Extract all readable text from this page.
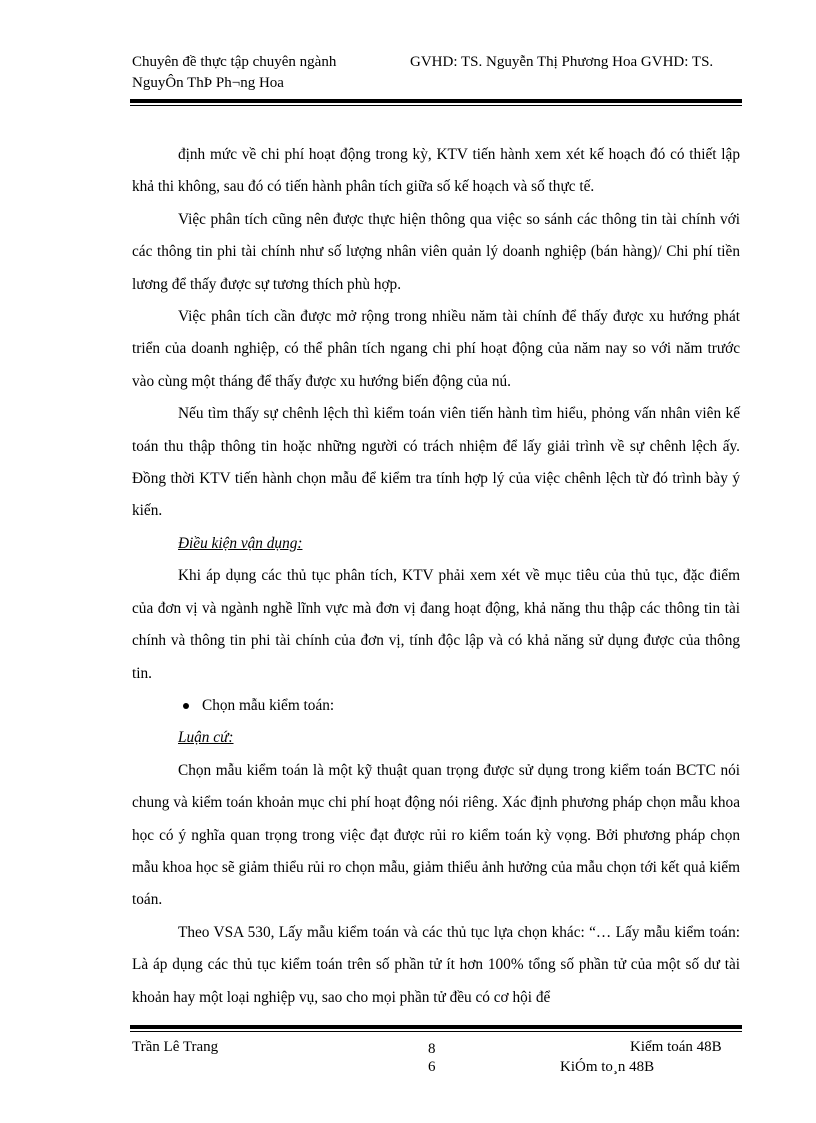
Chuyên đề thực tập chuyên ngành
NguyÔn ThÞ Ph¬ng Hoa
GVHD: TS. Nguyễn Thị Phương Hoa GVHD: TS.

định mức về chi phí hoạt động trong kỳ, KTV tiến hành xem xét kế hoạch đó có thiết lập khả thi không, sau đó có tiến hành phân tích giữa số kế hoạch và số thực tế.

Việc phân tích cũng nên được thực hiện thông qua việc so sánh các thông tin tài chính với các thông tin phi tài chính như số lượng nhân viên quản lý doanh nghiệp (bán hàng)/ Chi phí tiền lương để thấy được sự tương thích phù hợp.

Việc phân tích cần được mở rộng trong nhiều năm tài chính để thấy được xu hướng phát triển của doanh nghiệp, có thể phân tích ngang chi phí hoạt động của năm nay so với năm trước vào cùng một tháng để thấy được xu hướng biến động của nú.

Nếu tìm thấy sự chênh lệch thì kiểm toán viên tiến hành tìm hiểu, phỏng vấn nhân viên kế toán thu thập thông tin hoặc những người có trách nhiệm để lấy giải trình về sự chênh lệch ấy. Đồng thời KTV tiến hành chọn mẫu để kiểm tra tính hợp lý của việc chênh lệch từ đó trình bày ý kiến.

Điều kiện vận dụng:

Khi áp dụng các thủ tục phân tích, KTV phải xem xét về mục tiêu của thủ tục, đặc điểm của đơn vị và ngành nghề lĩnh vực mà đơn vị đang hoạt động, khả năng thu thập các thông tin tài chính và thông tin phi tài chính của đơn vị, tính độc lập và có khả năng sử dụng được của thông tin.

Chọn mẫu kiểm toán:

Luận cứ:

Chọn mẫu kiểm toán là một kỹ thuật quan trọng được sử dụng trong kiểm toán BCTC nói chung và kiểm toán khoản mục chi phí hoạt động nói riêng. Xác định phương pháp chọn mẫu khoa học có ý nghĩa quan trọng trong việc đạt được rủi ro kiểm toán kỳ vọng. Bởi phương pháp chọn mẫu khoa học sẽ giảm thiểu rủi ro chọn mẫu, giảm thiểu ảnh hưởng của mẫu chọn tới kết quả kiểm toán.

Theo VSA 530, Lấy mẫu kiểm toán và các thủ tục lựa chọn khác: “… Lấy mẫu kiểm toán: Là áp dụng các thủ tục kiểm toán trên số phần tử ít hơn 100% tổng số phần tử của một số dư tài khoản hay một loại nghiệp vụ, sao cho mọi phần tử đều có cơ hội để

Trần Lê Trang	8
6
Kiểm toán 48B
KiÓm to¸n 48B
